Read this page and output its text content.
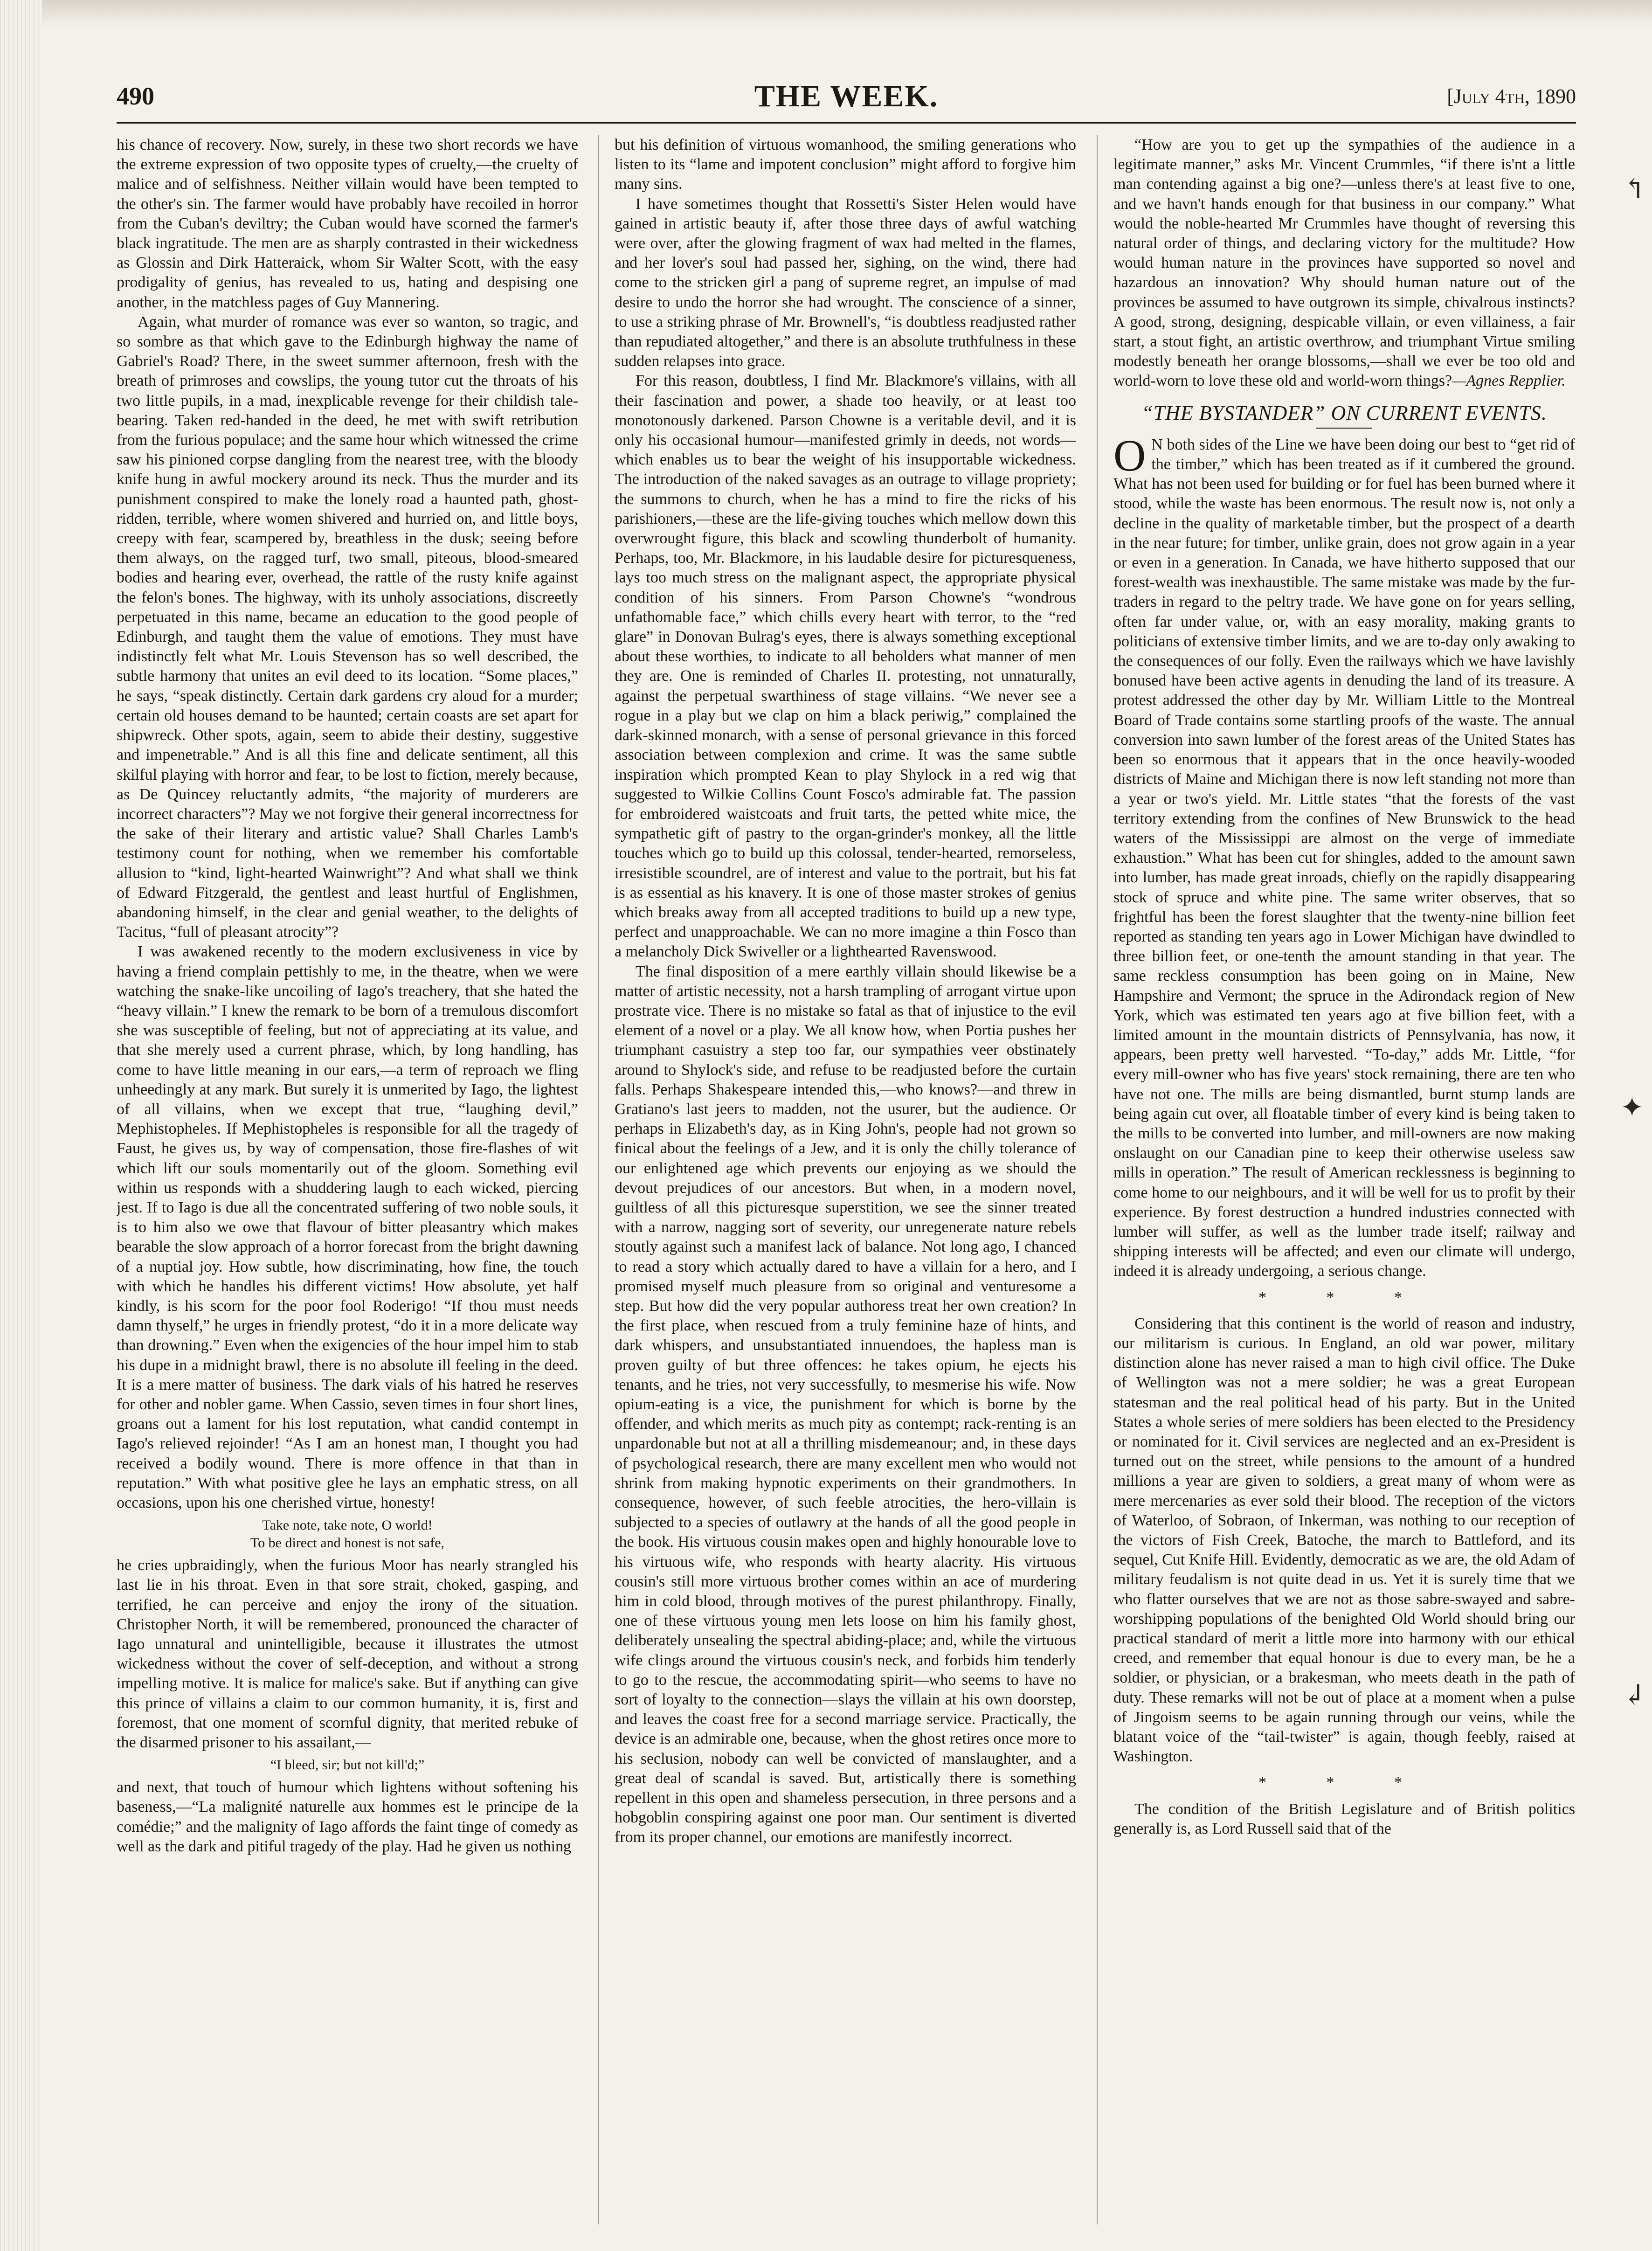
490	THE WEEK.	[July 4th, 1890

his chance of recovery. Now, surely, in these two short records we have the extreme expression of two opposite types of cruelty,—the cruelty of malice and of selfishness. Neither villain would have been tempted to the other's sin. The farmer would have probably have recoiled in horror from the Cuban's deviltry; the Cuban would have scorned the farmer's black ingratitude. The men are as sharply contrasted in their wickedness as Glossin and Dirk Hatteraick, whom Sir Walter Scott, with the easy prodigality of genius, has revealed to us, hating and despising one another, in the matchless pages of Guy Mannering.

Again, what murder of romance was ever so wanton, so tragic, and so sombre as that which gave to the Edinburgh highway the name of Gabriel's Road? There, in the sweet summer afternoon, fresh with the breath of primroses and cowslips, the young tutor cut the throats of his two little pupils, in a mad, inexplicable revenge for their childish tale-bearing. Taken red-handed in the deed, he met with swift retribution from the furious populace; and the same hour which witnessed the crime saw his pinioned corpse dangling from the nearest tree, with the bloody knife hung in awful mockery around its neck. Thus the murder and its punishment conspired to make the lonely road a haunted path, ghost-ridden, terrible, where women shivered and hurried on, and little boys, creepy with fear, scampered by, breathless in the dusk; seeing before them always, on the ragged turf, two small, piteous, blood-smeared bodies and hearing ever, overhead, the rattle of the rusty knife against the felon's bones. The highway, with its unholy associations, discreetly perpetuated in this name, became an education to the good people of Edinburgh, and taught them the value of emotions. They must have indistinctly felt what Mr. Louis Stevenson has so well described, the subtle harmony that unites an evil deed to its location. “Some places,” he says, “speak distinctly. Certain dark gardens cry aloud for a murder; certain old houses demand to be haunted; certain coasts are set apart for shipwreck. Other spots, again, seem to abide their destiny, suggestive and impenetrable.” And is all this fine and delicate sentiment, all this skilful playing with horror and fear, to be lost to fiction, merely because, as De Quincey reluctantly admits, “the majority of murderers are incorrect characters”? May we not forgive their general incorrectness for the sake of their literary and artistic value? Shall Charles Lamb's testimony count for nothing, when we remember his comfortable allusion to “kind, light-hearted Wainwright”? And what shall we think of Edward Fitzgerald, the gentlest and least hurtful of Englishmen, abandoning himself, in the clear and genial weather, to the delights of Tacitus, “full of pleasant atrocity”?

I was awakened recently to the modern exclusiveness in vice by having a friend complain pettishly to me, in the theatre, when we were watching the snake-like uncoiling of Iago's treachery, that she hated the “heavy villain.” I knew the remark to be born of a tremulous discomfort she was susceptible of feeling, but not of appreciating at its value, and that she merely used a current phrase, which, by long handling, has come to have little meaning in our ears,—a term of reproach we fling unheedingly at any mark. But surely it is unmerited by Iago, the lightest of all villains, when we except that true, “laughing devil,” Mephistopheles. If Mephistopheles is responsible for all the tragedy of Faust, he gives us, by way of compensation, those fire-flashes of wit which lift our souls momentarily out of the gloom. Something evil within us responds with a shuddering laugh to each wicked, piercing jest. If to Iago is due all the concentrated suffering of two noble souls, it is to him also we owe that flavour of bitter pleasantry which makes bearable the slow approach of a horror forecast from the bright dawning of a nuptial joy. How subtle, how discriminating, how fine, the touch with which he handles his different victims! How absolute, yet half kindly, is his scorn for the poor fool Roderigo! “If thou must needs damn thyself,” he urges in friendly protest, “do it in a more delicate way than drowning.” Even when the exigencies of the hour impel him to stab his dupe in a midnight brawl, there is no absolute ill feeling in the deed. It is a mere matter of business. The dark vials of his hatred he reserves for other and nobler game. When Cassio, seven times in four short lines, groans out a lament for his lost reputation, what candid contempt in Iago's relieved rejoinder! “As I am an honest man, I thought you had received a bodily wound. There is more offence in that than in reputation.” With what positive glee he lays an emphatic stress, on all occasions, upon his one cherished virtue, honesty!

Take note, take note, O world!
To be direct and honest is not safe,

he cries upbraidingly, when the furious Moor has nearly strangled his last lie in his throat. Even in that sore strait, choked, gasping, and terrified, he can perceive and enjoy the irony of the situation. Christopher North, it will be remembered, pronounced the character of Iago unnatural and unintelligible, because it illustrates the utmost wickedness without the cover of self-deception, and without a strong impelling motive. It is malice for malice's sake. But if anything can give this prince of villains a claim to our common humanity, it is, first and foremost, that one moment of scornful dignity, that merited rebuke of the disarmed prisoner to his assailant,—

“I bleed, sir; but not kill'd;”

and next, that touch of humour which lightens without softening his baseness,—“La malignité naturelle aux hommes est le principe de la comédie;” and the malignity of Iago affords the faint tinge of comedy as well as the dark and pitiful tragedy of the play. Had he given us nothing

but his definition of virtuous womanhood, the smiling generations who listen to its “lame and impotent conclusion” might afford to forgive him many sins.

I have sometimes thought that Rossetti's Sister Helen would have gained in artistic beauty if, after those three days of awful watching were over, after the glowing fragment of wax had melted in the flames, and her lover's soul had passed her, sighing, on the wind, there had come to the stricken girl a pang of supreme regret, an impulse of mad desire to undo the horror she had wrought. The conscience of a sinner, to use a striking phrase of Mr. Brownell's, “is doubtless readjusted rather than repudiated altogether,” and there is an absolute truthfulness in these sudden relapses into grace.

For this reason, doubtless, I find Mr. Blackmore's villains, with all their fascination and power, a shade too heavily, or at least too monotonously darkened. Parson Chowne is a veritable devil, and it is only his occasional humour—manifested grimly in deeds, not words—which enables us to bear the weight of his insupportable wickedness. The introduction of the naked savages as an outrage to village propriety; the summons to church, when he has a mind to fire the ricks of his parishioners,—these are the life-giving touches which mellow down this overwrought figure, this black and scowling thunderbolt of humanity. Perhaps, too, Mr. Blackmore, in his laudable desire for picturesqueness, lays too much stress on the malignant aspect, the appropriate physical condition of his sinners. From Parson Chowne's “wondrous unfathomable face,” which chills every heart with terror, to the “red glare” in Donovan Bulrag's eyes, there is always something exceptional about these worthies, to indicate to all beholders what manner of men they are. One is reminded of Charles II. protesting, not unnaturally, against the perpetual swarthiness of stage villains. “We never see a rogue in a play but we clap on him a black periwig,” complained the dark-skinned monarch, with a sense of personal grievance in this forced association between complexion and crime. It was the same subtle inspiration which prompted Kean to play Shylock in a red wig that suggested to Wilkie Collins Count Fosco's admirable fat. The passion for embroidered waistcoats and fruit tarts, the petted white mice, the sympathetic gift of pastry to the organ-grinder's monkey, all the little touches which go to build up this colossal, tender-hearted, remorseless, irresistible scoundrel, are of interest and value to the portrait, but his fat is as essential as his knavery. It is one of those master strokes of genius which breaks away from all accepted traditions to build up a new type, perfect and unapproachable. We can no more imagine a thin Fosco than a melancholy Dick Swiveller or a lighthearted Ravenswood.

The final disposition of a mere earthly villain should likewise be a matter of artistic necessity, not a harsh trampling of arrogant virtue upon prostrate vice. There is no mistake so fatal as that of injustice to the evil element of a novel or a play. We all know how, when Portia pushes her triumphant casuistry a step too far, our sympathies veer obstinately around to Shylock's side, and refuse to be readjusted before the curtain falls. Perhaps Shakespeare intended this,—who knows?—and threw in Gratiano's last jeers to madden, not the usurer, but the audience. Or perhaps in Elizabeth's day, as in King John's, people had not grown so finical about the feelings of a Jew, and it is only the chilly tolerance of our enlightened age which prevents our enjoying as we should the devout prejudices of our ancestors. But when, in a modern novel, guiltless of all this picturesque superstition, we see the sinner treated with a narrow, nagging sort of severity, our unregenerate nature rebels stoutly against such a manifest lack of balance. Not long ago, I chanced to read a story which actually dared to have a villain for a hero, and I promised myself much pleasure from so original and venturesome a step. But how did the very popular authoress treat her own creation? In the first place, when rescued from a truly feminine haze of hints, and dark whispers, and unsubstantiated innuendoes, the hapless man is proven guilty of but three offences: he takes opium, he ejects his tenants, and he tries, not very successfully, to mesmerise his wife. Now opium-eating is a vice, the punishment for which is borne by the offender, and which merits as much pity as contempt; rack-renting is an unpardonable but not at all a thrilling misdemeanour; and, in these days of psychological research, there are many excellent men who would not shrink from making hypnotic experiments on their grandmothers. In consequence, however, of such feeble atrocities, the hero-villain is subjected to a species of outlawry at the hands of all the good people in the book. His virtuous cousin makes open and highly honourable love to his virtuous wife, who responds with hearty alacrity. His virtuous cousin's still more virtuous brother comes within an ace of murdering him in cold blood, through motives of the purest philanthropy. Finally, one of these virtuous young men lets loose on him his family ghost, deliberately unsealing the spectral abiding-place; and, while the virtuous wife clings around the virtuous cousin's neck, and forbids him tenderly to go to the rescue, the accommodating spirit—who seems to have no sort of loyalty to the connection—slays the villain at his own doorstep, and leaves the coast free for a second marriage service. Practically, the device is an admirable one, because, when the ghost retires once more to his seclusion, nobody can well be convicted of manslaughter, and a great deal of scandal is saved. But, artistically there is something repellent in this open and shameless persecution, in three persons and a hobgoblin conspiring against one poor man. Our sentiment is diverted from its proper channel, our emotions are manifestly incorrect.

“How are you to get up the sympathies of the audience in a legitimate manner,” asks Mr. Vincent Crummles, “if there is'nt a little man contending against a big one?—unless there's at least five to one, and we havn't hands enough for that business in our company.” What would the noble-hearted Mr Crummles have thought of reversing this natural order of things, and declaring victory for the multitude? How would human nature in the provinces have supported so novel and hazardous an innovation? Why should human nature out of the provinces be assumed to have outgrown its simple, chivalrous instincts? A good, strong, designing, despicable villain, or even villainess, a fair start, a stout fight, an artistic overthrow, and triumphant Virtue smiling modestly beneath her orange blossoms,—shall we ever be too old and world-worn to love these old and world-worn things?—Agnes Repplier.

“THE BYSTANDER” ON CURRENT EVENTS.

O N both sides of the Line we have been doing our best to “get rid of the timber,” which has been treated as if it cumbered the ground. What has not been used for building or for fuel has been burned where it stood, while the waste has been enormous. The result now is, not only a decline in the quality of marketable timber, but the prospect of a dearth in the near future; for timber, unlike grain, does not grow again in a year or even in a generation. In Canada, we have hitherto supposed that our forest-wealth was inexhaustible. The same mistake was made by the fur-traders in regard to the peltry trade. We have gone on for years selling, often far under value, or, with an easy morality, making grants to politicians of extensive timber limits, and we are to-day only awaking to the consequences of our folly. Even the railways which we have lavishly bonused have been active agents in denuding the land of its treasure. A protest addressed the other day by Mr. William Little to the Montreal Board of Trade contains some startling proofs of the waste. The annual conversion into sawn lumber of the forest areas of the United States has been so enormous that it appears that in the once heavily-wooded districts of Maine and Michigan there is now left standing not more than a year or two's yield. Mr. Little states “that the forests of the vast territory extending from the confines of New Brunswick to the head waters of the Mississippi are almost on the verge of immediate exhaustion.” What has been cut for shingles, added to the amount sawn into lumber, has made great inroads, chiefly on the rapidly disappearing stock of spruce and white pine. The same writer observes, that so frightful has been the forest slaughter that the twenty-nine billion feet reported as standing ten years ago in Lower Michigan have dwindled to three billion feet, or one-tenth the amount standing in that year. The same reckless consumption has been going on in Maine, New Hampshire and Vermont; the spruce in the Adirondack region of New York, which was estimated ten years ago at five billion feet, with a limited amount in the mountain districts of Pennsylvania, has now, it appears, been pretty well harvested. “To-day,” adds Mr. Little, “for every mill-owner who has five years' stock remaining, there are ten who have not one. The mills are being dismantled, burnt stump lands are being again cut over, all floatable timber of every kind is being taken to the mills to be converted into lumber, and mill-owners are now making onslaught on our Canadian pine to keep their otherwise useless saw mills in operation.” The result of American recklessness is beginning to come home to our neighbours, and it will be well for us to profit by their experience. By forest destruction a hundred industries connected with lumber will suffer, as well as the lumber trade itself; railway and shipping interests will be affected; and even our climate will undergo, indeed it is already undergoing, a serious change.

* * *

Considering that this continent is the world of reason and industry, our militarism is curious. In England, an old war power, military distinction alone has never raised a man to high civil office. The Duke of Wellington was not a mere soldier; he was a great European statesman and the real political head of his party. But in the United States a whole series of mere soldiers has been elected to the Presidency or nominated for it. Civil services are neglected and an ex-President is turned out on the street, while pensions to the amount of a hundred millions a year are given to soldiers, a great many of whom were as mere mercenaries as ever sold their blood. The reception of the victors of Waterloo, of Sobraon, of Inkerman, was nothing to our reception of the victors of Fish Creek, Batoche, the march to Battleford, and its sequel, Cut Knife Hill. Evidently, democratic as we are, the old Adam of military feudalism is not quite dead in us. Yet it is surely time that we who flatter ourselves that we are not as those sabre-swayed and sabre-worshipping populations of the benighted Old World should bring our practical standard of merit a little more into harmony with our ethical creed, and remember that equal honour is due to every man, be he a soldier, or physician, or a brakesman, who meets death in the path of duty. These remarks will not be out of place at a moment when a pulse of Jingoism seems to be again running through our veins, while the blatant voice of the “tail-twister” is again, though feebly, raised at Washington.

* * *

The condition of the British Legislature and of British politics generally is, as Lord Russell said that of the

↰
✦
↲
